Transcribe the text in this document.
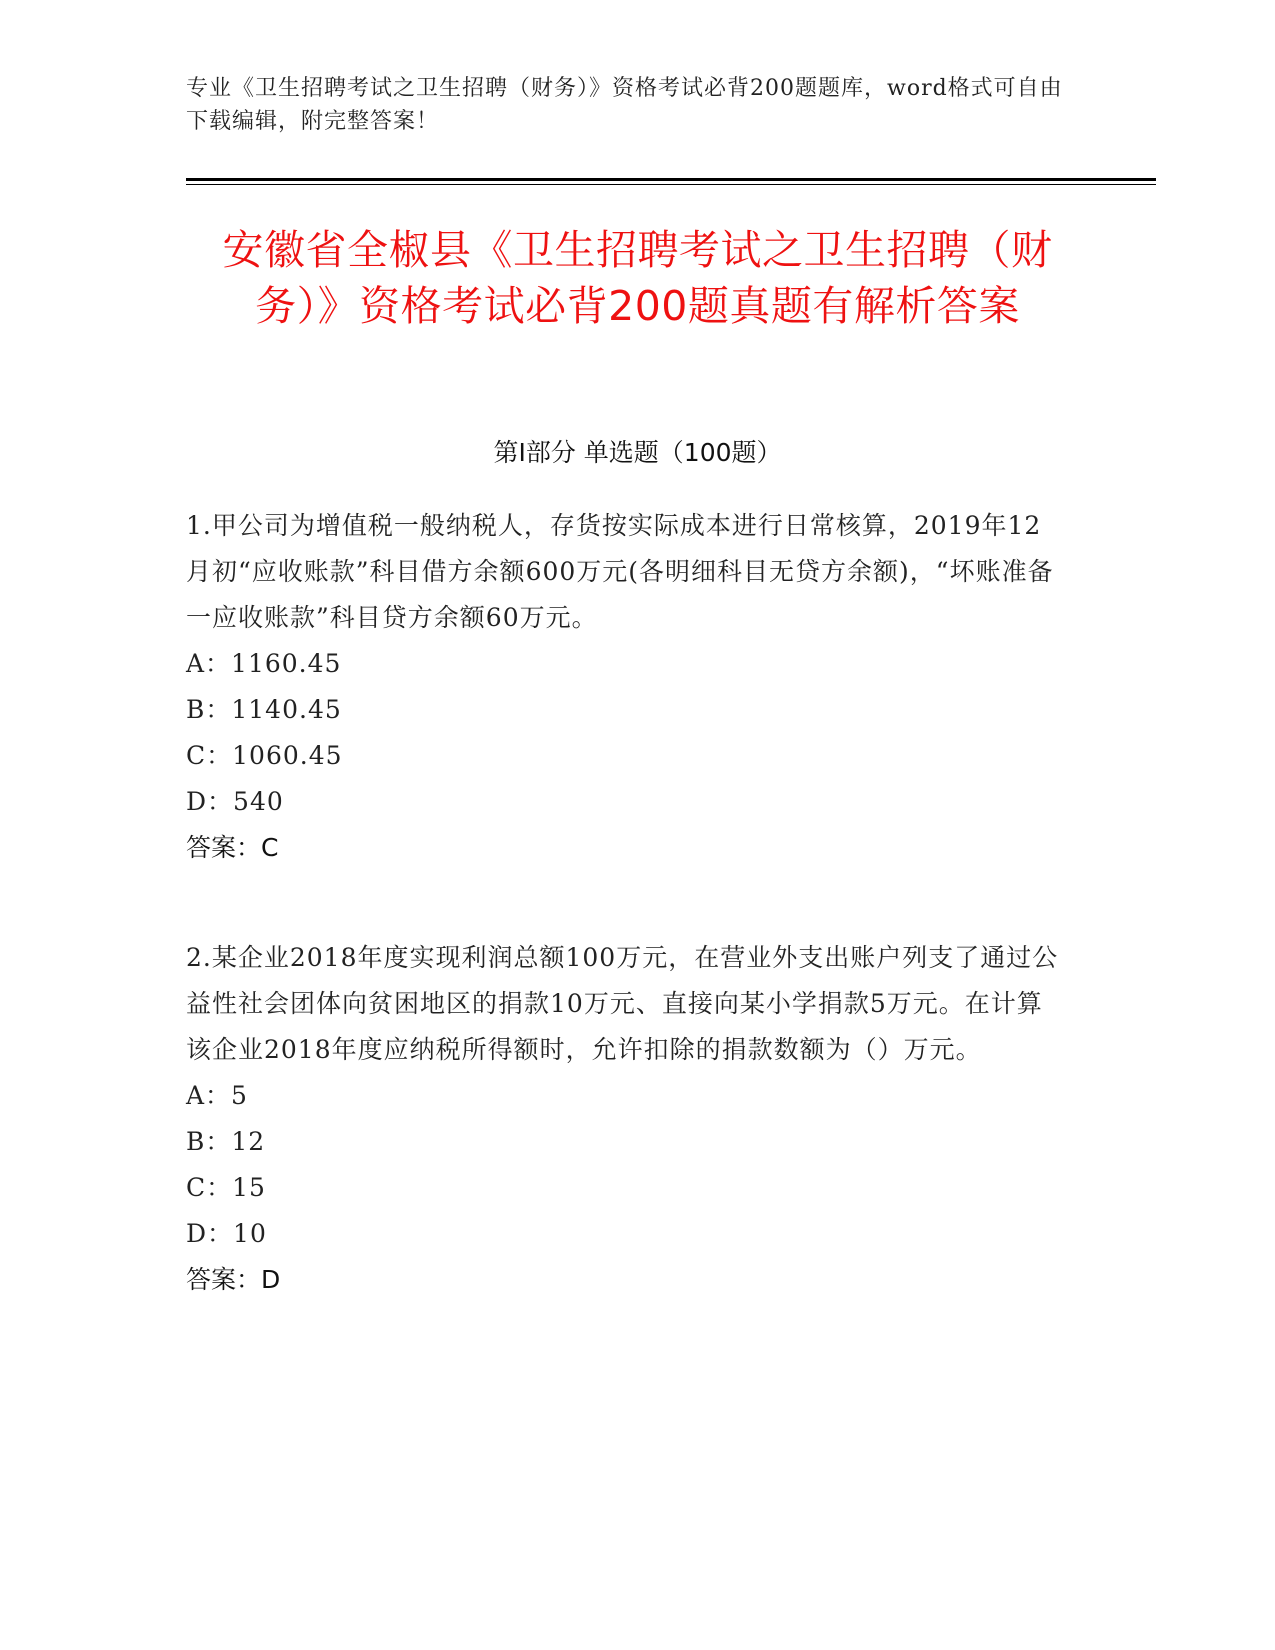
专业《卫生招聘考试之卫生招聘（财务）》资格考试必背200题题库，word格式可自由下载编辑，附完整答案！
安徽省全椒县《卫生招聘考试之卫生招聘（财务）》资格考试必背200题真题有解析答案
第I部分 单选题（100题）
1.甲公司为增值税一般纳税人，存货按实际成本进行日常核算，2019年12月初“应收账款”科目借方余额600万元(各明细科目无贷方余额)，“坏账准备一应收账款”科目贷方余额60万元。
A：1160.45
B：1140.45
C：1060.45
D：540
答案：C
2.某企业2018年度实现利润总额100万元，在营业外支出账户列支了通过公益性社会团体向贫困地区的捐款10万元、直接向某小学捐款5万元。在计算该企业2018年度应纳税所得额时，允许扣除的捐款数额为（）万元。
A：5
B：12
C：15
D：10
答案：D
